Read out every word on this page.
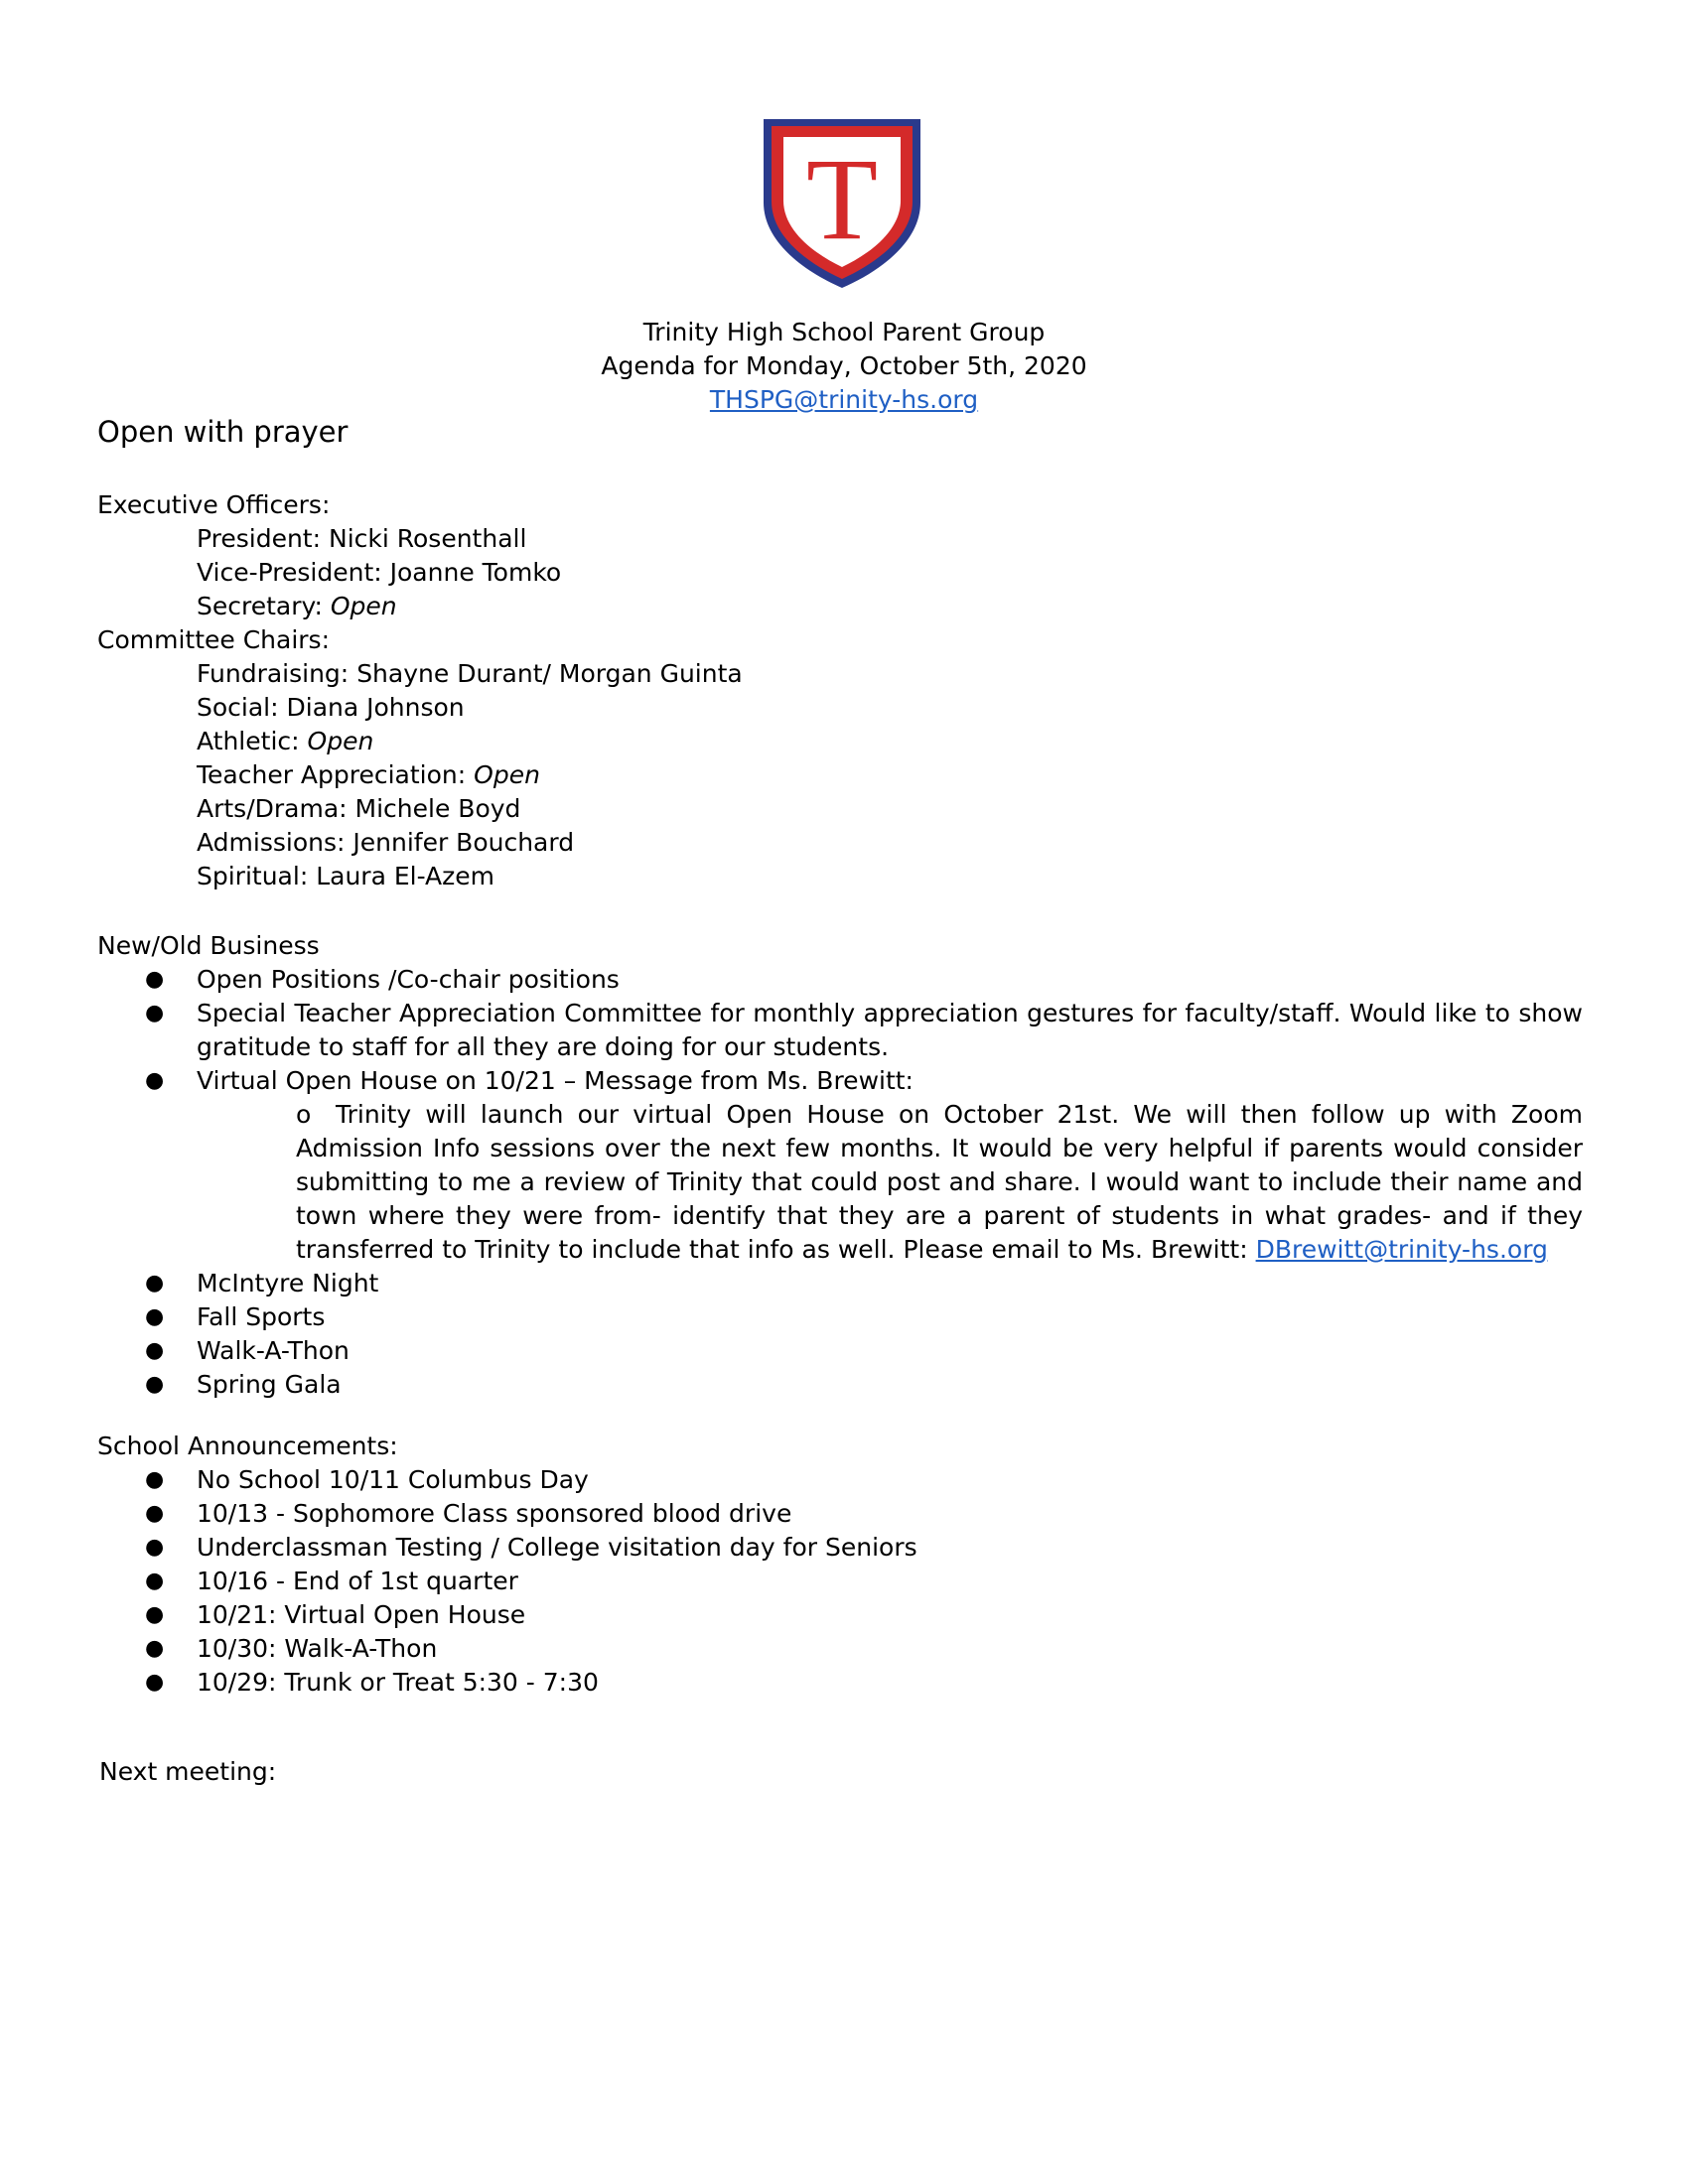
T
Trinity High School Parent Group
Agenda for Monday, October 5th, 2020
THSPG@trinity-hs.org
Open with prayer
Executive Officers:
President: Nicki Rosenthall
Vice-President: Joanne Tomko
Secretary: Open
Committee Chairs:
Fundraising: Shayne Durant/ Morgan Guinta
Social: Diana Johnson
Athletic: Open
Teacher Appreciation: Open
Arts/Drama: Michele Boyd
Admissions: Jennifer Bouchard
Spiritual: Laura El-Azem
New/Old Business
● Open Positions /Co-chair positions
● Special Teacher Appreciation Committee for monthly appreciation gestures for faculty/staff. Would like to show gratitude to staff for all they are doing for our students.
● Virtual Open House on 10/21 – Message from Ms. Brewitt:
o Trinity will launch our virtual Open House on October 21st. We will then follow up with Zoom Admission Info sessions over the next few months. It would be very helpful if parents would consider submitting to me a review of Trinity that could post and share. I would want to include their name and town where they were from- identify that they are a parent of students in what grades- and if they transferred to Trinity to include that info as well. Please email to Ms. Brewitt: DBrewitt@trinity-hs.org
● McIntyre Night
● Fall Sports
● Walk-A-Thon
● Spring Gala
School Announcements:
● No School 10/11 Columbus Day
● 10/13 - Sophomore Class sponsored blood drive
● Underclassman Testing / College visitation day for Seniors
● 10/16 - End of 1st quarter
● 10/21: Virtual Open House
● 10/30: Walk-A-Thon
● 10/29: Trunk or Treat 5:30 - 7:30
Next meeting:
